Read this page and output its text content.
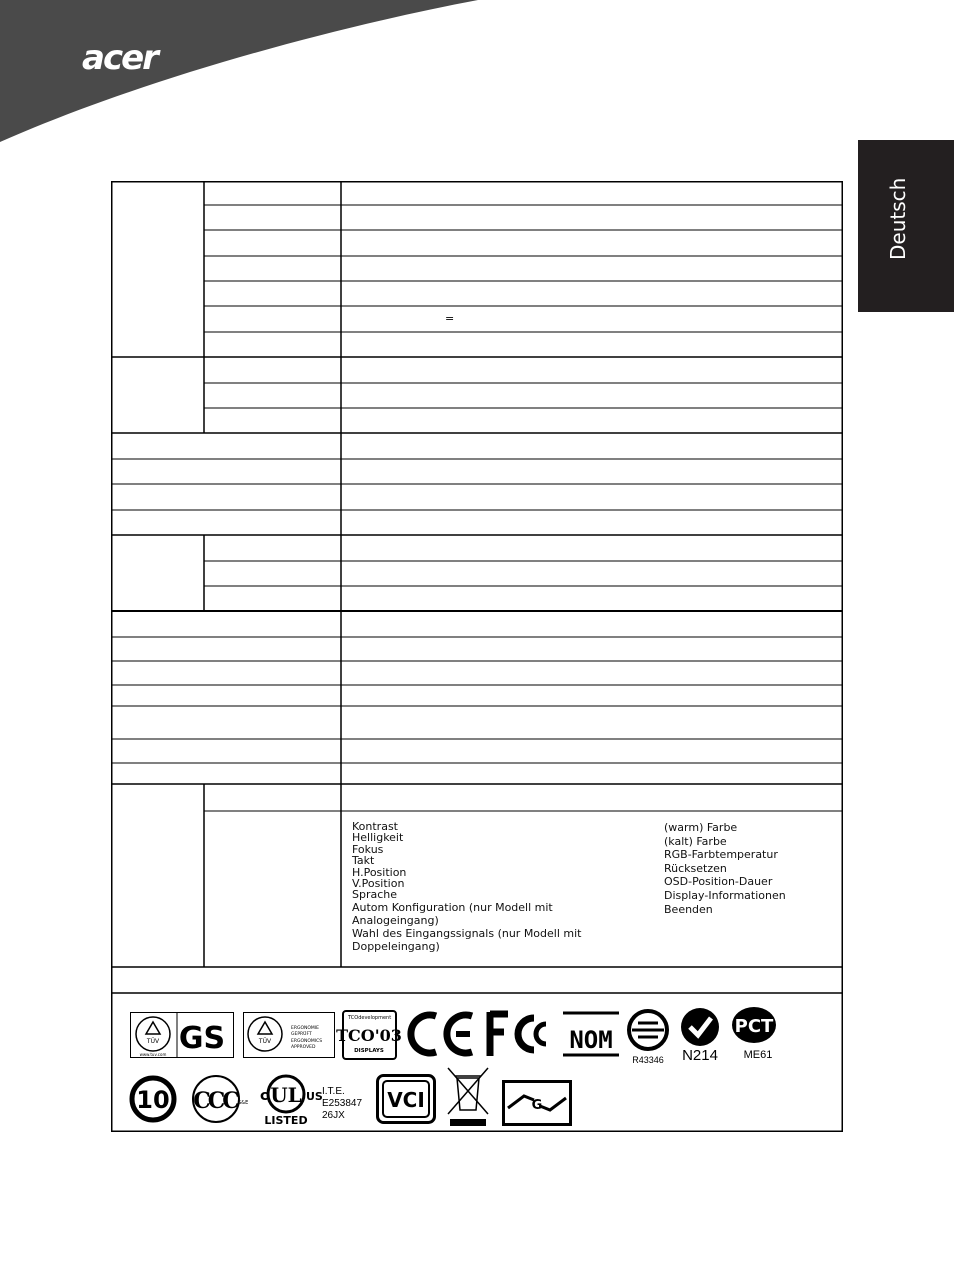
acer
Deutsch
=
Kontrast
Helligkeit
Fokus
Takt
H.Position
V.Position
Sprache
Autom Konfiguration (nur Modell mit
Analogeingang)
Wahl des Eingangssignals (nur Modell mit
Doppeleingang)
(warm) Farbe
(kalt) Farbe
RGB-Farbtemperatur
Rücksetzen
OSD-Position-Dauer
Display-Informationen
Beenden
TÜV
www.tuv.com GS	TÜV
ERGONOMIE
GEPRÜFT
ERGONOMICS
APPROVED
TCOdevelopment
TCO'03
DISPLAYS	NOM
R43346 N214
PCT
ME61
10 CCC S&E UL
c	US
LISTED
I.T.E.
E253847
26JX
VCI	G
